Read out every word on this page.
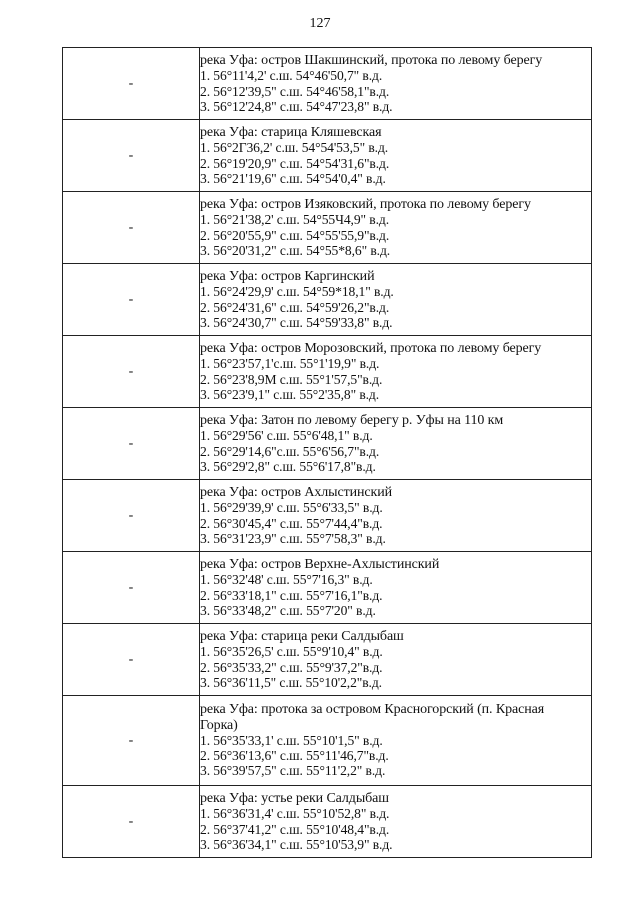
127
-	река Уфа: остров Шакшинский, протока по левому берегу
1. 56°11'4,2' с.ш. 54°46'50,7" в.д.
2. 56°12'39,5" с.ш. 54°46'58,1"в.д.
3. 56°12'24,8" с.ш. 54°47'23,8" в.д.

-	река Уфа: старица Кляшевская
1. 56°2Г36,2' с.ш. 54°54'53,5" в.д.
2. 56°19'20,9" с.ш. 54°54'31,6"в.д.
3. 56°21'19,6" с.ш. 54°54'0,4" в.д.

-	река Уфа: остров Изяковский, протока по левому берегу
1. 56°21'38,2' с.ш. 54°55Ч4,9" в.д.
2. 56°20'55,9" с.ш. 54°55'55,9"в.д.
3. 56°20'31,2" с.ш. 54°55*8,6" в.д.

-	река Уфа: остров Каргинский
1. 56°24'29,9' с.ш. 54°59*18,1" в.д.
2. 56°24'31,6" с.ш. 54°59'26,2"в.д.
3. 56°24'30,7" с.ш. 54°59'33,8" в.д.

-	река Уфа: остров Морозовский, протока по левому берегу
1. 56°23'57,1'с.ш. 55°1'19,9" в.д.
2. 56°23'8,9М с.ш. 55°1'57,5"в.д.
3. 56°23'9,1" с.ш. 55°2'35,8" в.д.

-	река Уфа: Затон по левому берегу р. Уфы на 110 км
1. 56°29'56' с.ш. 55°6'48,1" в.д.
2. 56°29'14,6"с.ш. 55°6'56,7"в.д.
3. 56°29'2,8" с.ш. 55°6'17,8"в.д.

-	река Уфа: остров Ахлыстинский
1. 56°29'39,9' с.ш. 55°6'33,5" в.д.
2. 56°30'45,4" с.ш. 55°7'44,4"в.д.
3. 56°31'23,9" с.ш. 55°7'58,3" в.д.

-	река Уфа: остров Верхне-Ахлыстинский
1. 56°32'48' с.ш. 55°7'16,3" в.д.
2. 56°33'18,1" с.ш. 55°7'16,1"в.д.
3. 56°33'48,2" с.ш. 55°7'20" в.д.

-	река Уфа: старица реки Салдыбаш
1. 56°35'26,5' с.ш. 55°9'10,4" в.д.
2. 56°35'33,2" с.ш. 55°9'37,2"в.д.
3. 56°36'11,5" с.ш. 55°10'2,2"в.д.

-	река Уфа: протока за островом Красногорский (п. Красная Горка)
1. 56°35'33,1' с.ш. 55°10'1,5" в.д.
2. 56°36'13,6" с.ш. 55°11'46,7"в.д.
3. 56°39'57,5" с.ш. 55°11'2,2" в.д.

-	река Уфа: устье реки Салдыбаш
1. 56°36'31,4' с.ш. 55°10'52,8" в.д.
2. 56°37'41,2" с.ш. 55°10'48,4"в.д.
3. 56°36'34,1" с.ш. 55°10'53,9" в.д.
